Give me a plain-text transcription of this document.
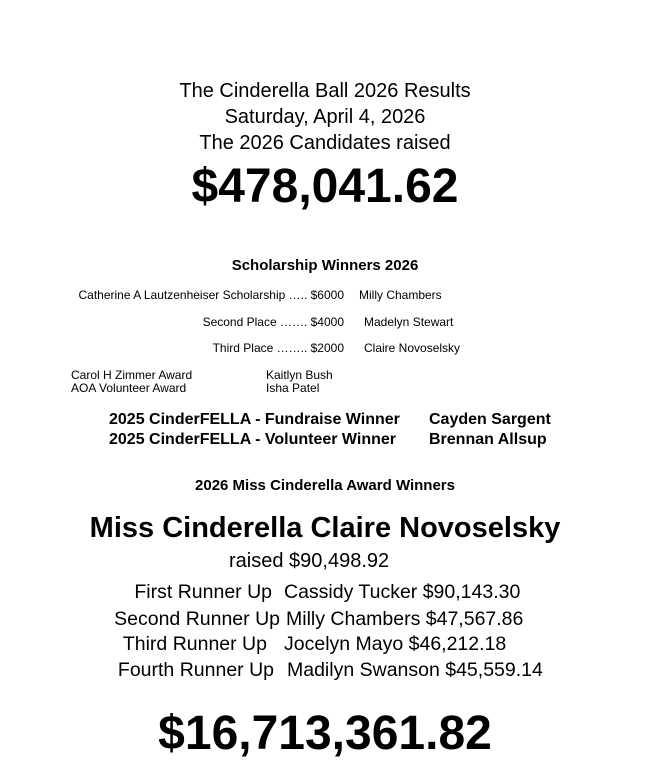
The Cinderella Ball 2026 Results
Saturday, April 4, 2026
The 2026 Candidates raised
$478,041.62
Scholarship Winners 2026
Catherine A Lautzenheiser Scholarship ….. $6000 Milly Chambers
Second Place ……. $4000 Madelyn Stewart
Third Place …….. $2000 Claire Novoselsky
Carol H Zimmer Award	Kaitlyn Bush
AOA Volunteer Award	Isha Patel
2025 CinderFELLA - Fundraise Winner Cayden Sargent
2025 CinderFELLA - Volunteer Winner Brennan Allsup
2026 Miss Cinderella Award Winners
Miss Cinderella Claire Novoselsky
raised $90,498.92
First Runner Up Cassidy Tucker $90,143.30
Second Runner Up Milly Chambers $47,567.86
Third Runner Up Jocelyn Mayo $46,212.18
Fourth Runner Up Madilyn Swanson $45,559.14
$16,713,361.82
